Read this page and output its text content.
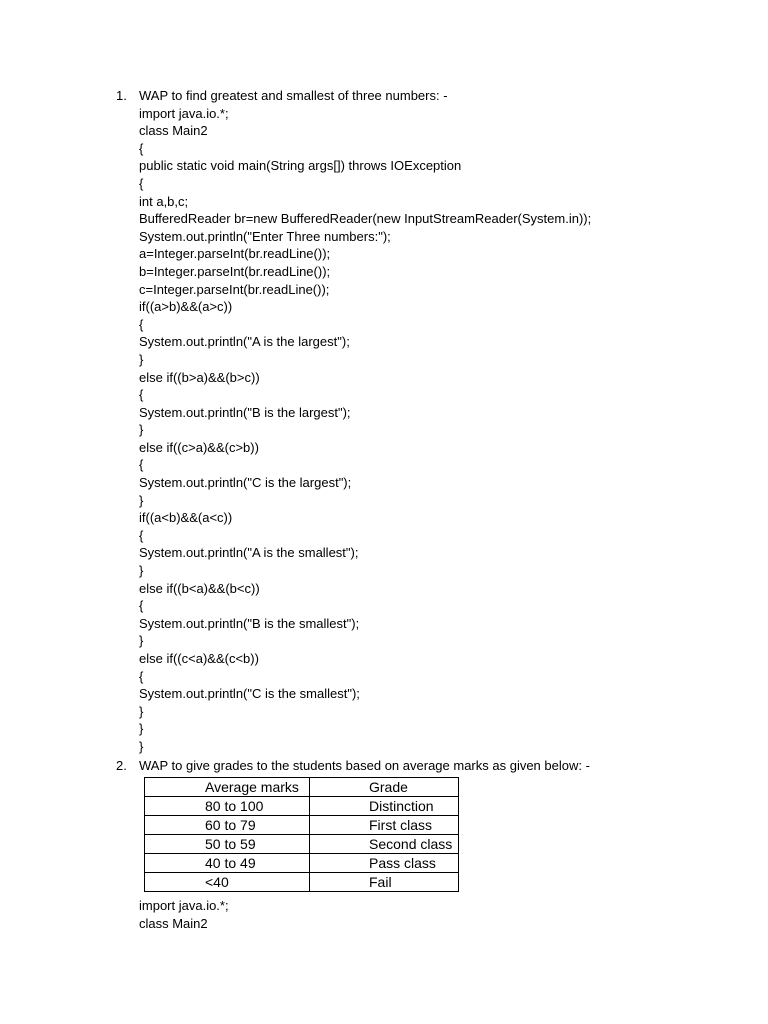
1. WAP to find greatest and smallest of three numbers: -
import java.io.*;
class Main2
{
public static void main(String args[]) throws IOException
{
int a,b,c;
BufferedReader br=new BufferedReader(new InputStreamReader(System.in));
System.out.println("Enter Three numbers:");
a=Integer.parseInt(br.readLine());
b=Integer.parseInt(br.readLine());
c=Integer.parseInt(br.readLine());
if((a>b)&&(a>c))
{
System.out.println("A is the largest");
}
else if((b>a)&&(b>c))
{
System.out.println("B is the largest");
}
else if((c>a)&&(c>b))
{
System.out.println("C is the largest");
}
if((a<b)&&(a<c))
{
System.out.println("A is the smallest");
}
else if((b<a)&&(b<c))
{
System.out.println("B is the smallest");
}
else if((c<a)&&(c<b))
{
System.out.println("C is the smallest");
}
}
}
2. WAP to give grades to the students based on average marks as given below: -
Average marks	Grade
80 to 100	Distinction
60 to 79	First class
50 to 59	Second class
40 to 49	Pass class
<40	Fail
import java.io.*;
class Main2
